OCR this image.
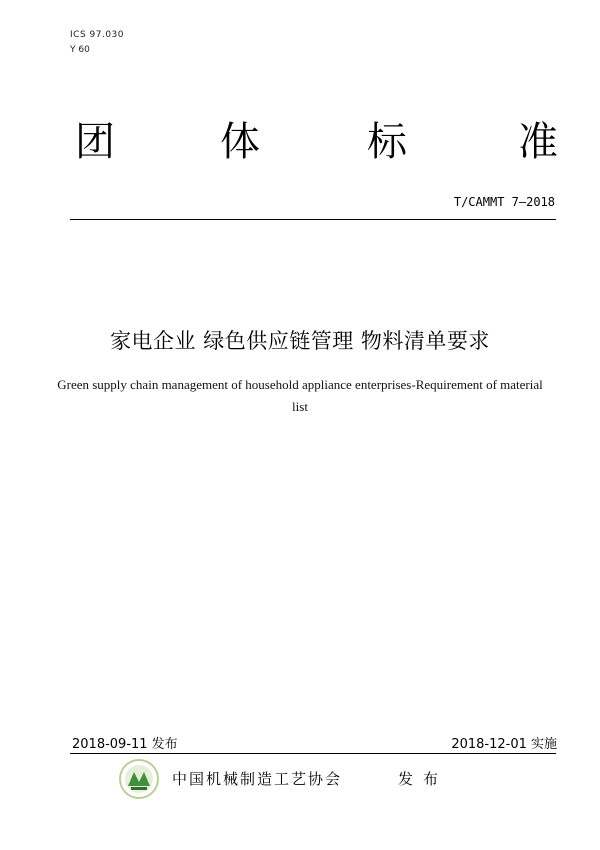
ICS 97.030
Y 60
团	体	标	准
T/CAMMT 7—2018
家电企业 绿色供应链管理 物料清单要求
Green supply chain management of household appliance enterprises-Requirement of material list
2018-09-11 发布	2018-12-01 实施
中国机械制造工艺协会	发布
